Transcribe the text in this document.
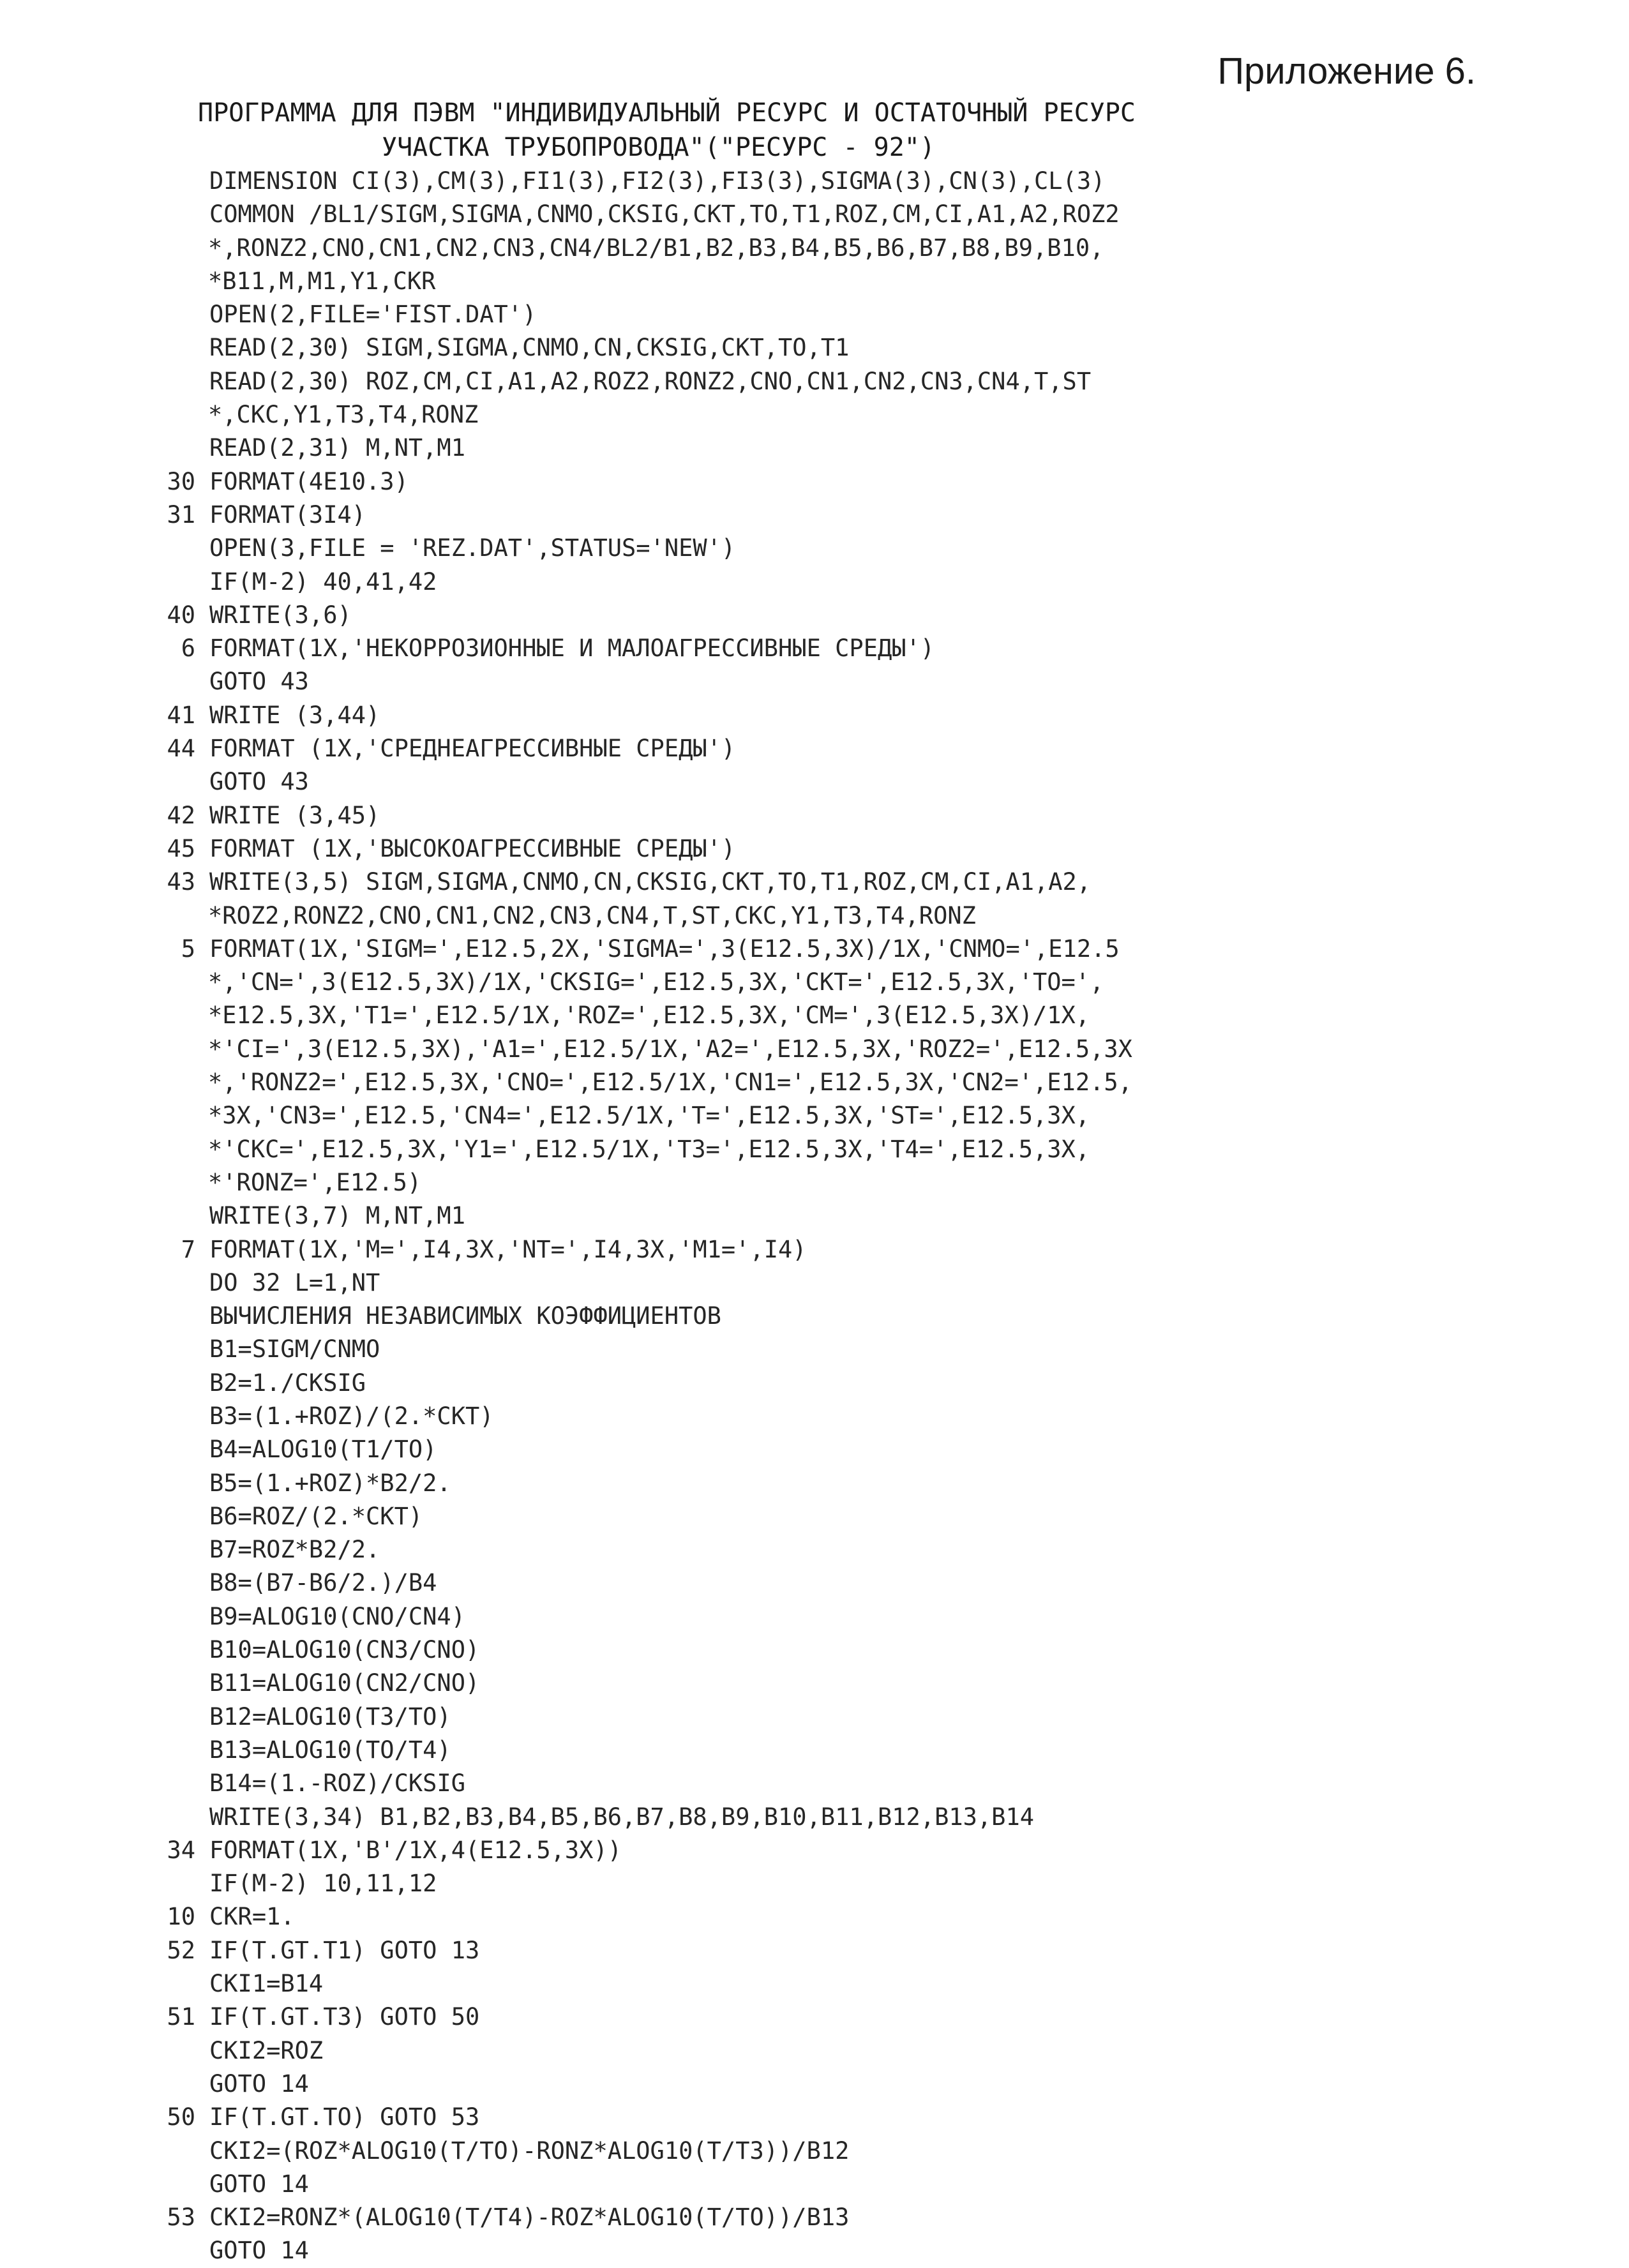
Приложение 6.
ПРОГРАММА ДЛЯ ПЭВМ "ИНДИВИДУАЛЬНЫЙ РЕСУРС И ОСТАТОЧНЫЙ РЕСУРС
УЧАСТКА ТРУБОПРОВОДА"("РЕСУРС - 92")
DIMENSION CI(3),CM(3),FI1(3),FI2(3),FI3(3),SIGMA(3),CN(3),CL(3)
COMMON /BL1/SIGM,SIGMA,CNMO,CKSIG,CKT,TO,T1,ROZ,CM,CI,A1,A2,ROZ2
*,RONZ2,CNO,CN1,CN2,CN3,CN4/BL2/B1,B2,B3,B4,B5,B6,B7,B8,B9,B10,
*B11,M,M1,Y1,CKR
OPEN(2,FILE='FIST.DAT')
READ(2,30) SIGM,SIGMA,CNMO,CN,CKSIG,CKT,TO,T1
READ(2,30) ROZ,CM,CI,A1,A2,ROZ2,RONZ2,CNO,CN1,CN2,CN3,CN4,T,ST
*,CKC,Y1,T3,T4,RONZ
READ(2,31) M,NT,M1
30 FORMAT(4E10.3)
31 FORMAT(3I4)
OPEN(3,FILE = 'REZ.DAT',STATUS='NEW')
IF(M-2) 40,41,42
40 WRITE(3,6)
6 FORMAT(1X,'НЕКОРРОЗИОННЫЕ И МАЛОАГРЕССИВНЫЕ СРЕДЫ')
GOTO 43
41 WRITE (3,44)
44 FORMAT (1X,'СРЕДНЕАГРЕССИВНЫЕ СРЕДЫ')
GOTO 43
42 WRITE (3,45)
45 FORMAT (1X,'ВЫСОКОАГРЕССИВНЫЕ СРЕДЫ')
43 WRITE(3,5) SIGM,SIGMA,CNMO,CN,CKSIG,CKT,TO,T1,ROZ,CM,CI,A1,A2,
*ROZ2,RONZ2,CNO,CN1,CN2,CN3,CN4,T,ST,CKC,Y1,T3,T4,RONZ
5 FORMAT(1X,'SIGM=',E12.5,2X,'SIGMA=',3(E12.5,3X)/1X,'CNMO=',E12.5
*,'CN=',3(E12.5,3X)/1X,'CKSIG=',E12.5,3X,'CKT=',E12.5,3X,'TO=',
*E12.5,3X,'T1=',E12.5/1X,'ROZ=',E12.5,3X,'CM=',3(E12.5,3X)/1X,
*'CI=',3(E12.5,3X),'A1=',E12.5/1X,'A2=',E12.5,3X,'ROZ2=',E12.5,3X
*,'RONZ2=',E12.5,3X,'CNO=',E12.5/1X,'CN1=',E12.5,3X,'CN2=',E12.5,
*3X,'CN3=',E12.5,'CN4=',E12.5/1X,'T=',E12.5,3X,'ST=',E12.5,3X,
*'CKC=',E12.5,3X,'Y1=',E12.5/1X,'T3=',E12.5,3X,'T4=',E12.5,3X,
*'RONZ=',E12.5)
WRITE(3,7) M,NT,M1
7 FORMAT(1X,'M=',I4,3X,'NT=',I4,3X,'M1=',I4)
DO 32 L=1,NT
ВЫЧИСЛЕНИЯ НЕЗАВИСИМЫХ КОЭФФИЦИЕНТОВ
B1=SIGM/CNMO
B2=1./CKSIG
B3=(1.+ROZ)/(2.*CKT)
B4=ALOG10(T1/TO)
B5=(1.+ROZ)*B2/2.
B6=ROZ/(2.*CKT)
B7=ROZ*B2/2.
B8=(B7-B6/2.)/B4
B9=ALOG10(CNO/CN4)
B10=ALOG10(CN3/CNO)
B11=ALOG10(CN2/CNO)
B12=ALOG10(T3/TO)
B13=ALOG10(TO/T4)
B14=(1.-ROZ)/CKSIG
WRITE(3,34) B1,B2,B3,B4,B5,B6,B7,B8,B9,B10,B11,B12,B13,B14
34 FORMAT(1X,'B'/1X,4(E12.5,3X))
IF(M-2) 10,11,12
10 CKR=1.
52 IF(T.GT.T1) GOTO 13
CKI1=B14
51 IF(T.GT.T3) GOTO 50
CKI2=ROZ
GOTO 14
50 IF(T.GT.TO) GOTO 53
CKI2=(ROZ*ALOG10(T/TO)-RONZ*ALOG10(T/T3))/B12
GOTO 14
53 CKI2=RONZ*(ALOG10(T/T4)-ROZ*ALOG10(T/TO))/B13
GOTO 14
